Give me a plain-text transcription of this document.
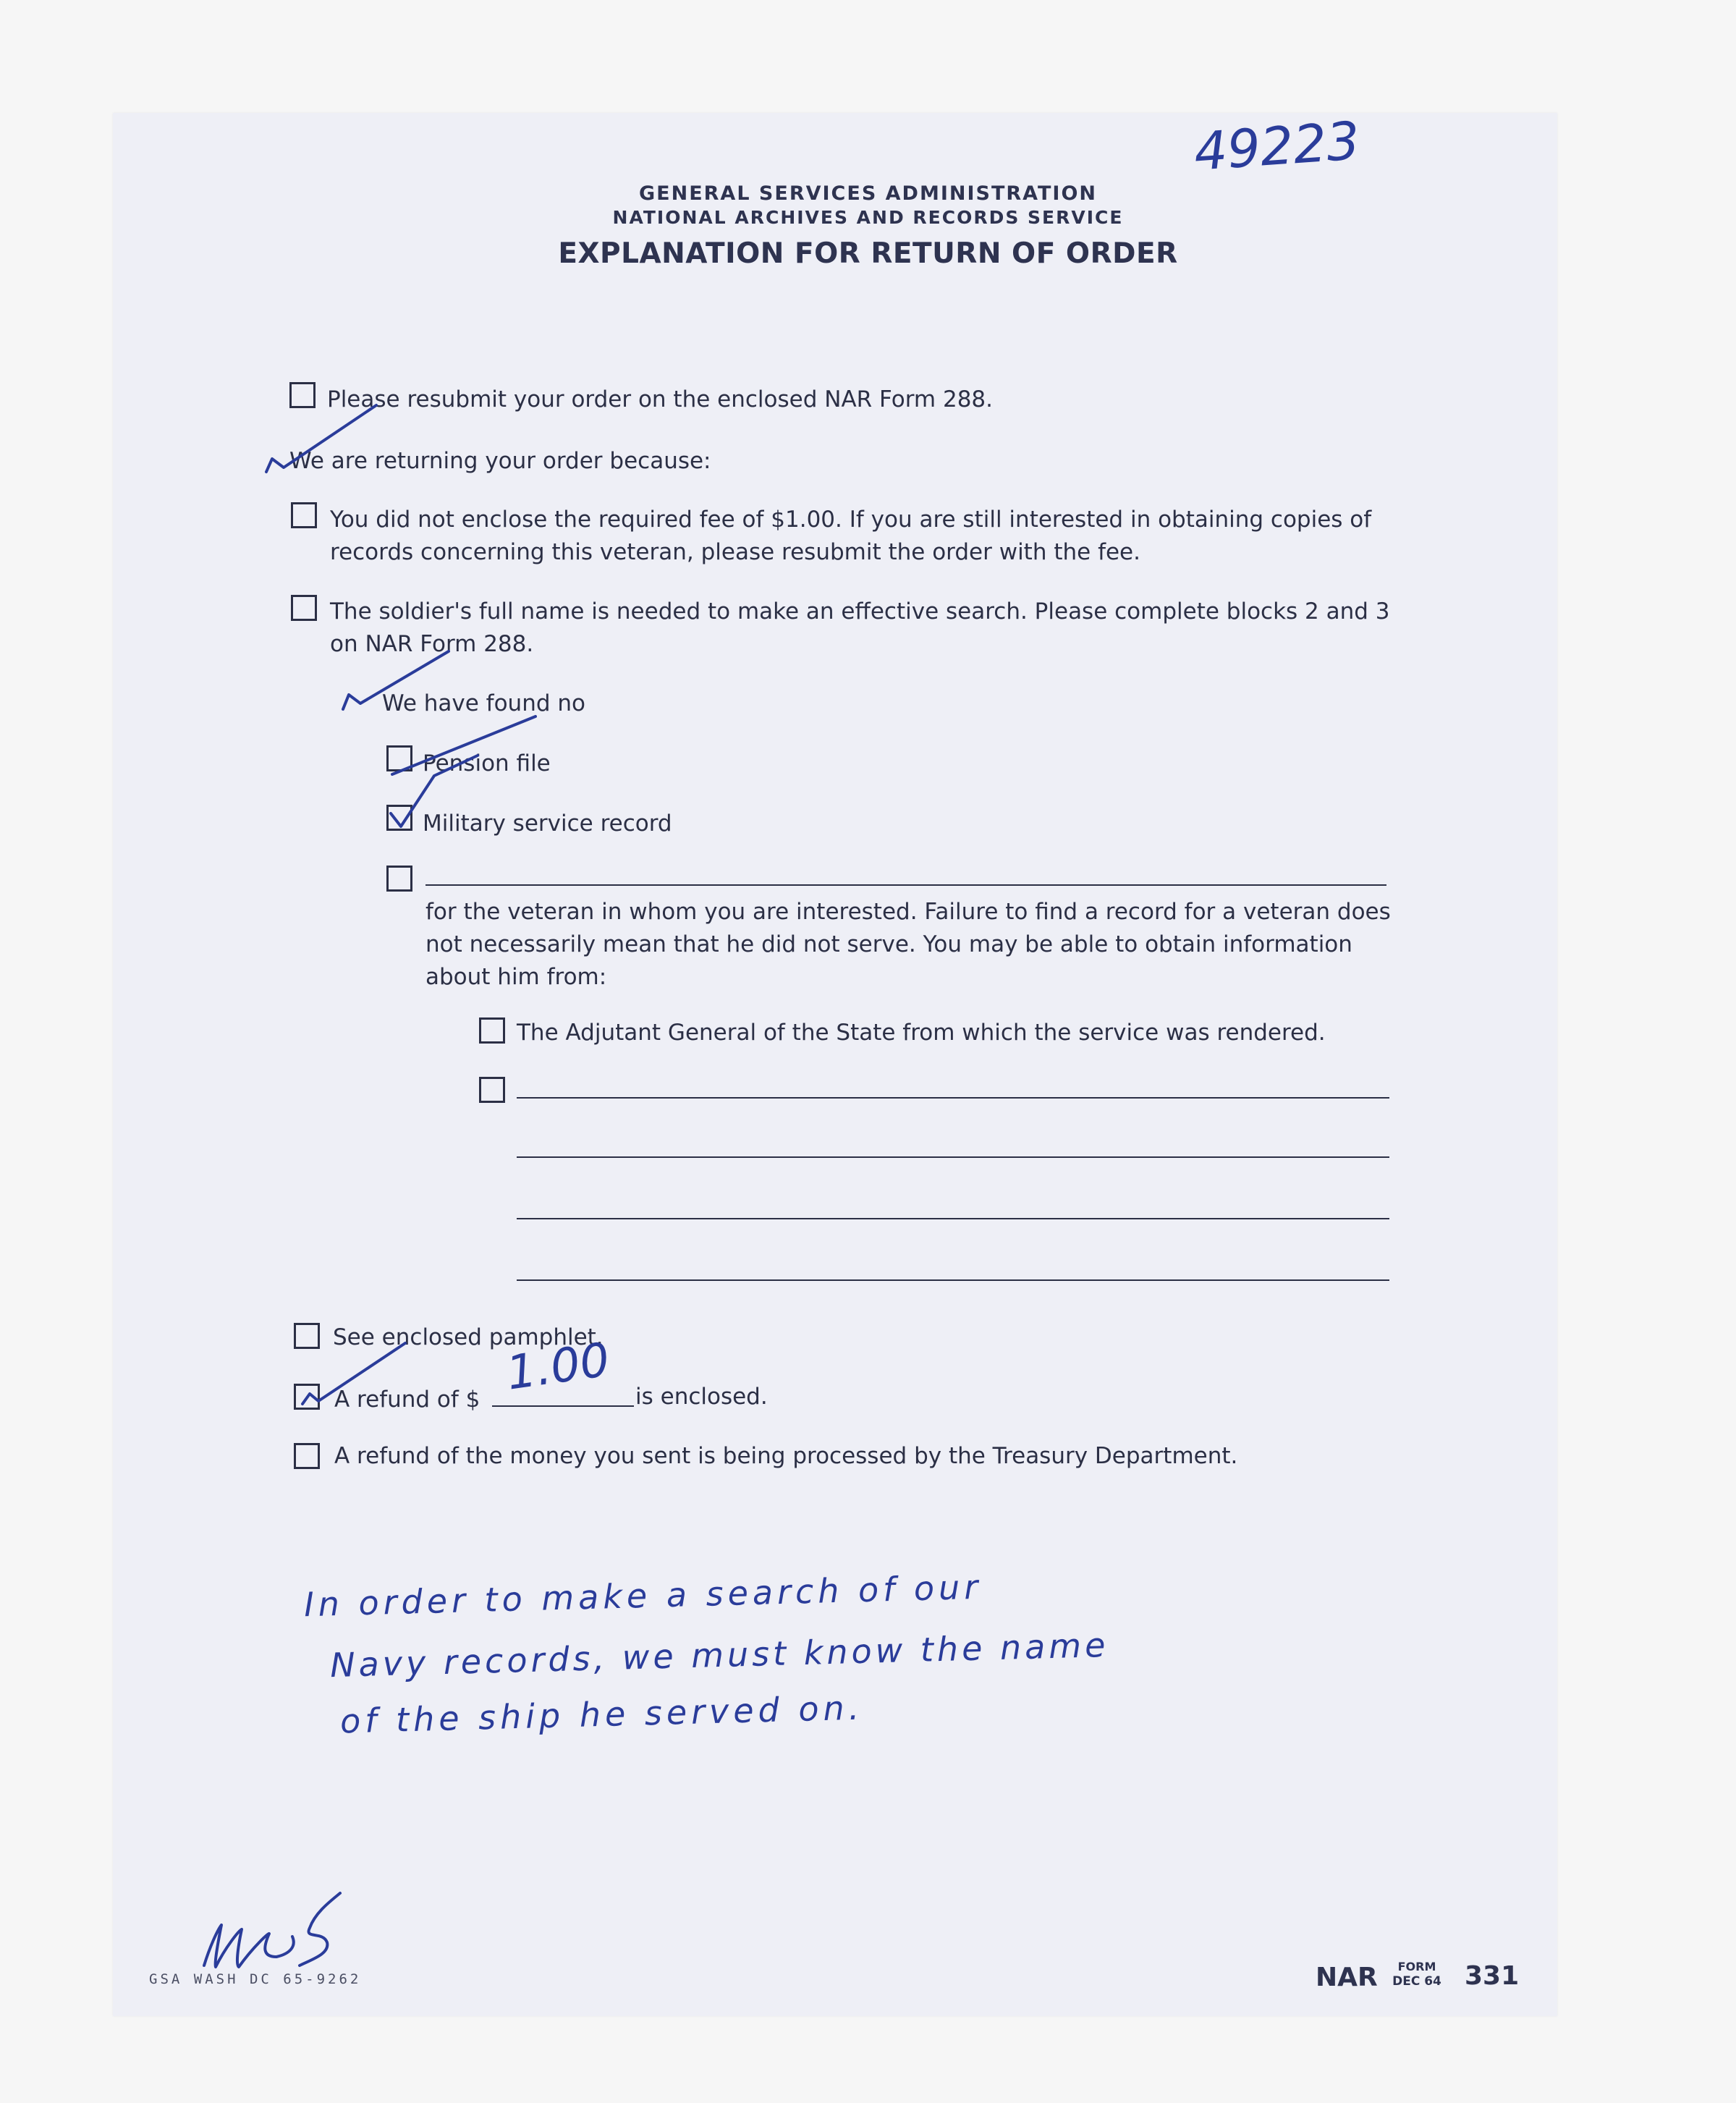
GENERAL SERVICES ADMINISTRATION
NATIONAL ARCHIVES AND RECORDS SERVICE
EXPLANATION FOR RETURN OF ORDER
49223
Please resubmit your order on the enclosed NAR Form 288.
We are returning your order because:
You did not enclose the required fee of $1.00. If you are still interested in obtaining copies of
records concerning this veteran, please resubmit the order with the fee.
The soldier's full name is needed to make an effective search. Please complete blocks 2 and 3
on NAR Form 288.
We have found no
Pension file
Military service record
for the veteran in whom you are interested. Failure to find a record for a veteran does
not necessarily mean that he did not serve. You may be able to obtain information
about him from:
The Adjutant General of the State from which the service was rendered.
See enclosed pamphlet.
A refund of $ 1.00 is enclosed.
A refund of the money you sent is being processed by the Treasury Department.
In order to make a search of our
Navy records, we must know the name
of the ship he served on.
GSA WASH DC 65-9262	NAR FORM
DEC 64 331
